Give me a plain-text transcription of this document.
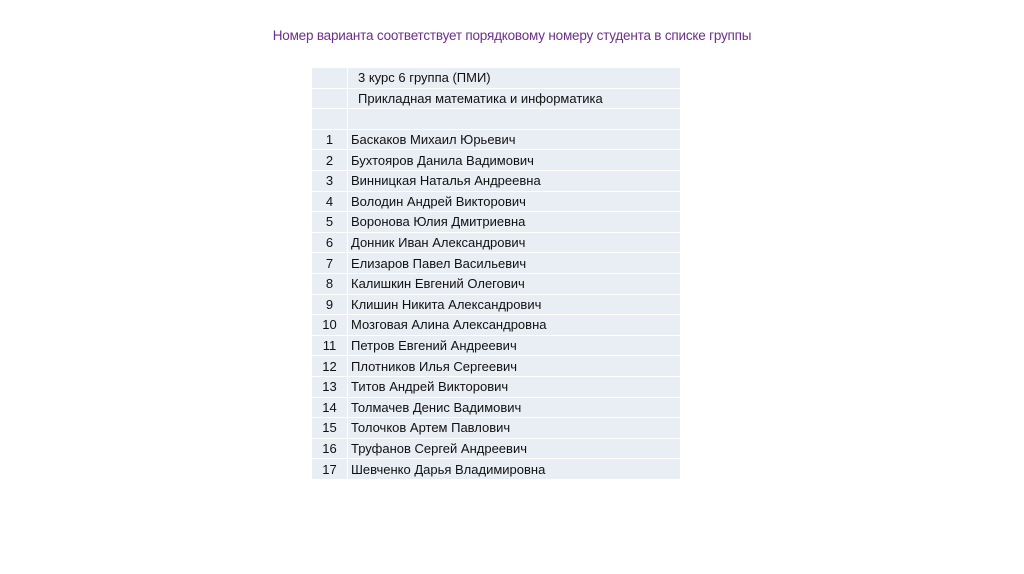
Номер варианта соответствует порядковому номеру студента в списке группы
	3 курс 6 группа (ПМИ)
	Прикладная математика и информатика

1	Баскаков Михаил Юрьевич
2	Бухтояров Данила Вадимович
3	Винницкая Наталья Андреевна
4	Володин Андрей Викторович
5	Воронова Юлия Дмитриевна
6	Донник Иван Александрович
7	Елизаров Павел Васильевич
8	Калишкин Евгений Олегович
9	Клишин Никита Александрович
10	Мозговая Алина Александровна
11	Петров Евгений Андреевич
12	Плотников Илья Сергеевич
13	Титов Андрей Викторович
14	Толмачев Денис Вадимович
15	Толочков Артем Павлович
16	Труфанов Сергей Андреевич
17	Шевченко Дарья Владимировна
